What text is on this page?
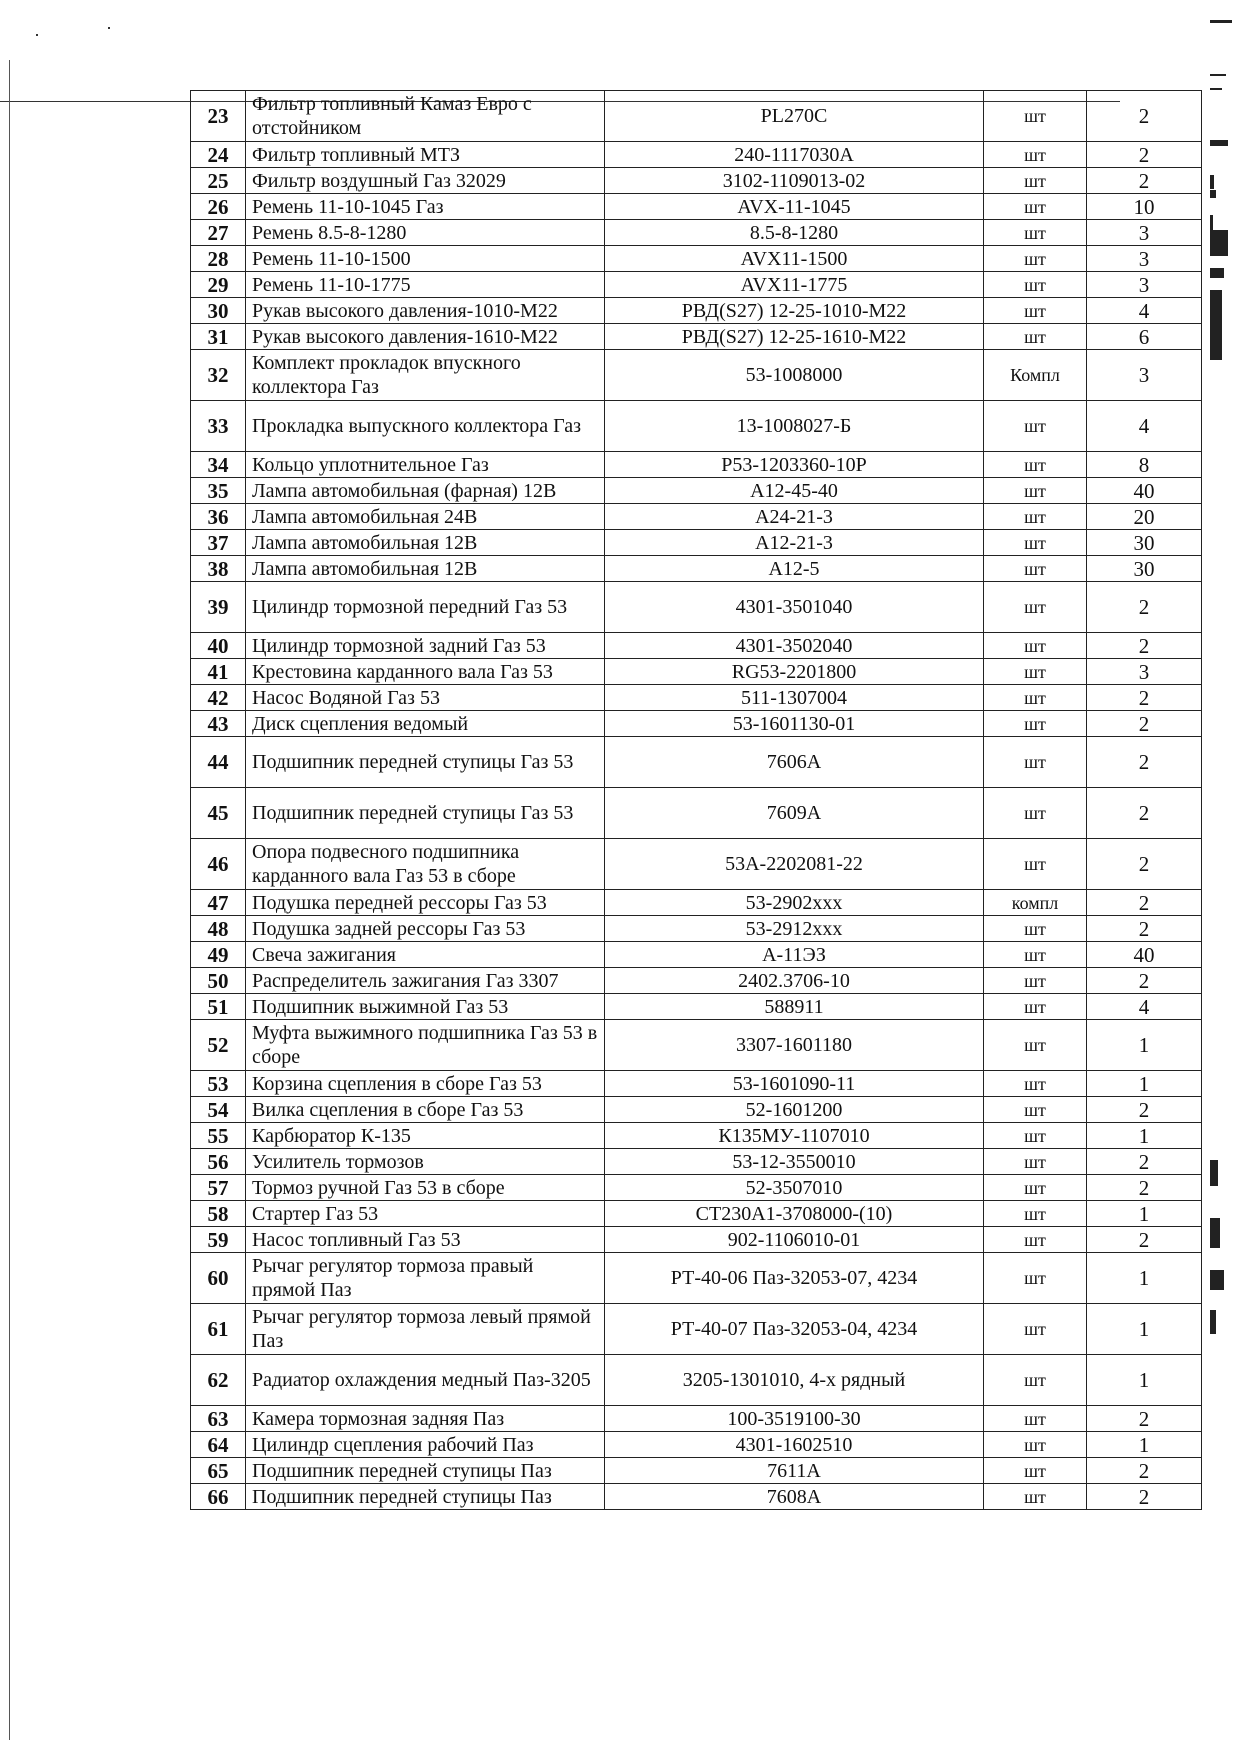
23	Фильтр топливный Камаз Евро с отстойником	PL270C	шт	2
24	Фильтр топливный МТЗ	240-1117030А	шт	2
25	Фильтр воздушный Газ 32029	3102-1109013-02	шт	2
26	Ремень 11-10-1045 Газ	AVX-11-1045	шт	10
27	Ремень 8.5-8-1280	8.5-8-1280	шт	3
28	Ремень 11-10-1500	AVX11-1500	шт	3
29	Ремень 11-10-1775	AVX11-1775	шт	3
30	Рукав высокого давления-1010-М22	РВД(S27) 12-25-1010-М22	шт	4
31	Рукав высокого давления-1610-М22	РВД(S27) 12-25-1610-М22	шт	6
32	Комплект прокладок впускного коллектора Газ	53-1008000	Компл	3
33	Прокладка выпускного коллектора Газ	13-1008027-Б	шт	4
34	Кольцо уплотнительное Газ	Р53-1203360-10Р	шт	8
35	Лампа автомобильная (фарная) 12В	А12-45-40	шт	40
36	Лампа автомобильная 24В	А24-21-3	шт	20
37	Лампа автомобильная 12В	А12-21-3	шт	30
38	Лампа автомобильная 12В	А12-5	шт	30
39	Цилиндр тормозной передний Газ 53	4301-3501040	шт	2
40	Цилиндр тормозной задний Газ 53	4301-3502040	шт	2
41	Крестовина карданного вала Газ 53	RG53-2201800	шт	3
42	Насос Водяной Газ 53	511-1307004	шт	2
43	Диск сцепления ведомый	53-1601130-01	шт	2
44	Подшипник передней ступицы Газ 53	7606А	шт	2
45	Подшипник передней ступицы Газ 53	7609А	шт	2
46	Опора подвесного подшипника карданного вала Газ 53 в сборе	53А-2202081-22	шт	2
47	Подушка передней рессоры Газ 53	53-2902ххх	компл	2
48	Подушка задней рессоры Газ 53	53-2912ххх	шт	2
49	Свеча зажигания	А-11ЭЗ	шт	40
50	Распределитель зажигания Газ 3307	2402.3706-10	шт	2
51	Подшипник выжимной Газ 53	588911	шт	4
52	Муфта выжимного подшипника Газ 53 в сборе	3307-1601180	шт	1
53	Корзина сцепления в сборе Газ 53	53-1601090-11	шт	1
54	Вилка сцепления в сборе Газ 53	52-1601200	шт	2
55	Карбюратор К-135	К135МУ-1107010	шт	1
56	Усилитель тормозов	53-12-3550010	шт	2
57	Тормоз ручной Газ 53 в сборе	52-3507010	шт	2
58	Стартер Газ 53	СТ230А1-3708000-(10)	шт	1
59	Насос топливный Газ 53	902-1106010-01	шт	2
60	Рычаг регулятор тормоза правый прямой Паз	РТ-40-06 Паз-32053-07, 4234	шт	1
61	Рычаг регулятор тормоза левый прямой Паз	РТ-40-07 Паз-32053-04, 4234	шт	1
62	Радиатор охлаждения медный Паз-3205	3205-1301010, 4-х рядный	шт	1
63	Камера тормозная задняя Паз	100-3519100-30	шт	2
64	Цилиндр сцепления рабочий Паз	4301-1602510	шт	1
65	Подшипник передней ступицы Паз	7611А	шт	2
66	Подшипник передней ступицы Паз	7608А	шт	2
